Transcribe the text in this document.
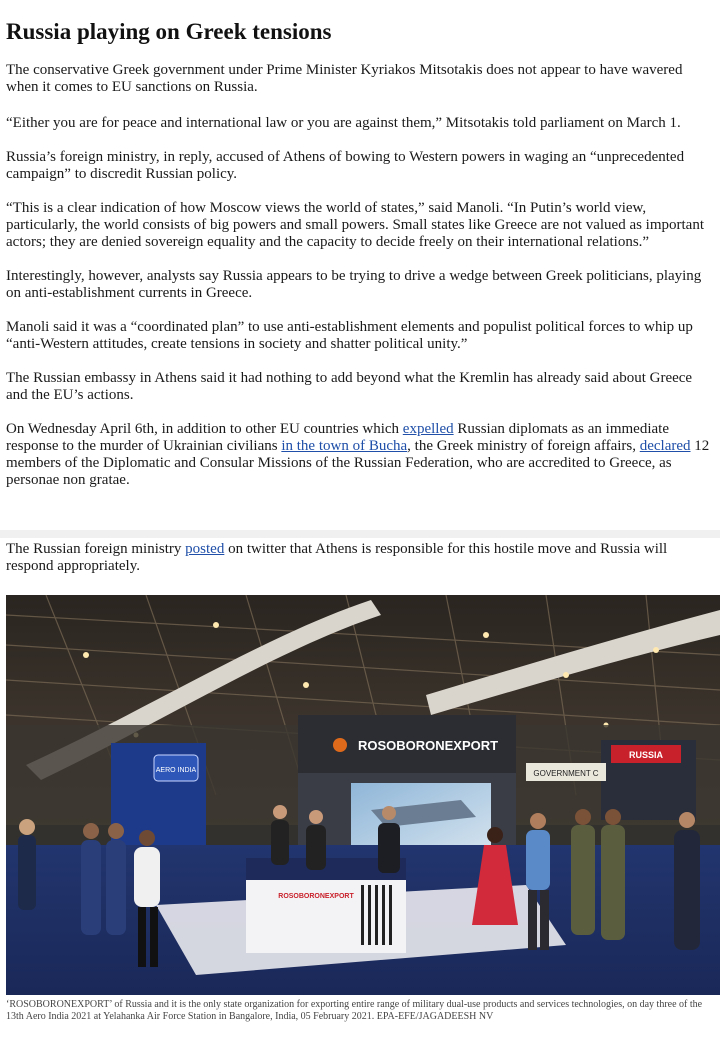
Russia playing on Greek tensions

The conservative Greek government under Prime Minister Kyriakos Mitsotakis does not appear to have wavered when it comes to EU sanctions on Russia.

“Either you are for peace and international law or you are against them,” Mitsotakis told parliament on March 1.

Russia’s foreign ministry, in reply, accused of Athens of bowing to Western powers in waging an “unprecedented campaign” to discredit Russian policy.

“This is a clear indication of how Moscow views the world of states,” said Manoli. “In Putin’s world view, particularly, the world consists of big powers and small powers. Small states like Greece are not valued as important actors; they are denied sovereign equality and the capacity to decide freely on their international relations.”

Interestingly, however, analysts say Russia appears to be trying to drive a wedge between Greek politicians, playing on anti-establishment currents in Greece.

Manoli said it was a “coordinated plan” to use anti-establishment elements and populist political forces to whip up “anti-Western attitudes, create tensions in society and shatter political unity.”

The Russian embassy in Athens said it had nothing to add beyond what the Kremlin has already said about Greece and the EU’s actions.

On Wednesday April 6th, in addition to other EU countries which expelled Russian diplomats as an immediate response to the murder of Ukrainian civilians in the town of Bucha, the Greek ministry of foreign affairs, declared 12 members of the Diplomatic and Consular Missions of the Russian Federation, who are accredited to Greece, as personae non gratae.

The Russian foreign ministry posted on twitter that Athens is responsible for this hostile move and Russia will respond appropriately.

AERO INDIA
ROSOBORONEXPORT
RUSSIA
GOVERNMENT C
ROSOBORONEXPORT
‘ROSOBORONEXPORT’ of Russia and it is the only state organization for exporting entire range of military dual-use products and services technologies, on day three of the 13th Aero India 2021 at Yelahanka Air Force Station in Bangalore, India, 05 February 2021. EPA-EFE/JAGADEESH NV
